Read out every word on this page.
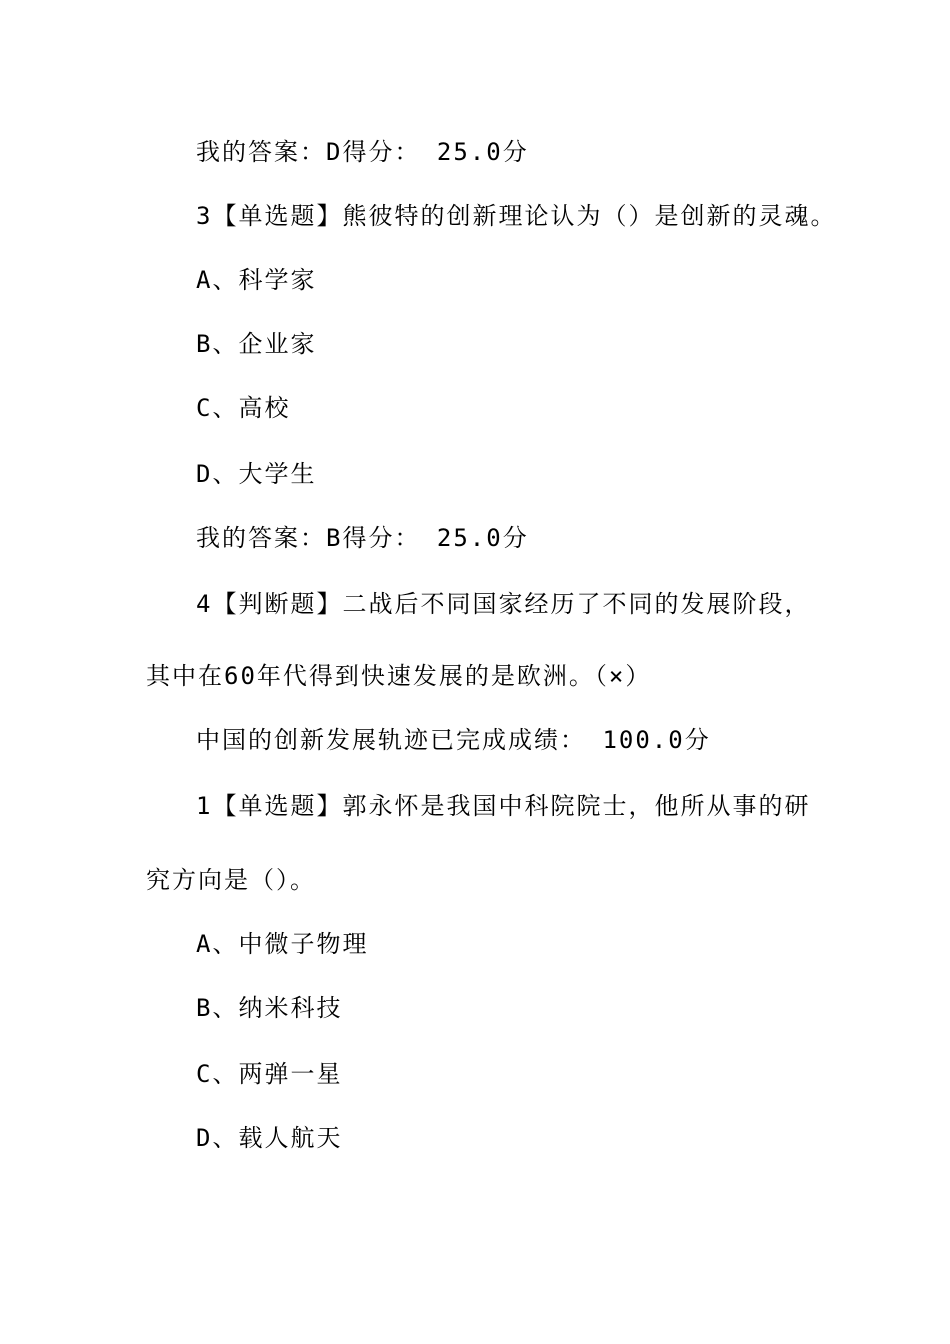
我的答案：D得分： 25.0分
3【单选题】熊彼特的创新理论认为（）是创新的灵魂。
A、科学家
B、企业家
C、高校
D、大学生
我的答案：B得分： 25.0分
4【判断题】二战后不同国家经历了不同的发展阶段，
其中在60年代得到快速发展的是欧洲。（×）
中国的创新发展轨迹已完成成绩： 100.0分
1【单选题】郭永怀是我国中科院院士，他所从事的研
究方向是（）。
A、中微子物理
B、纳米科技
C、两弹一星
D、载人航天
